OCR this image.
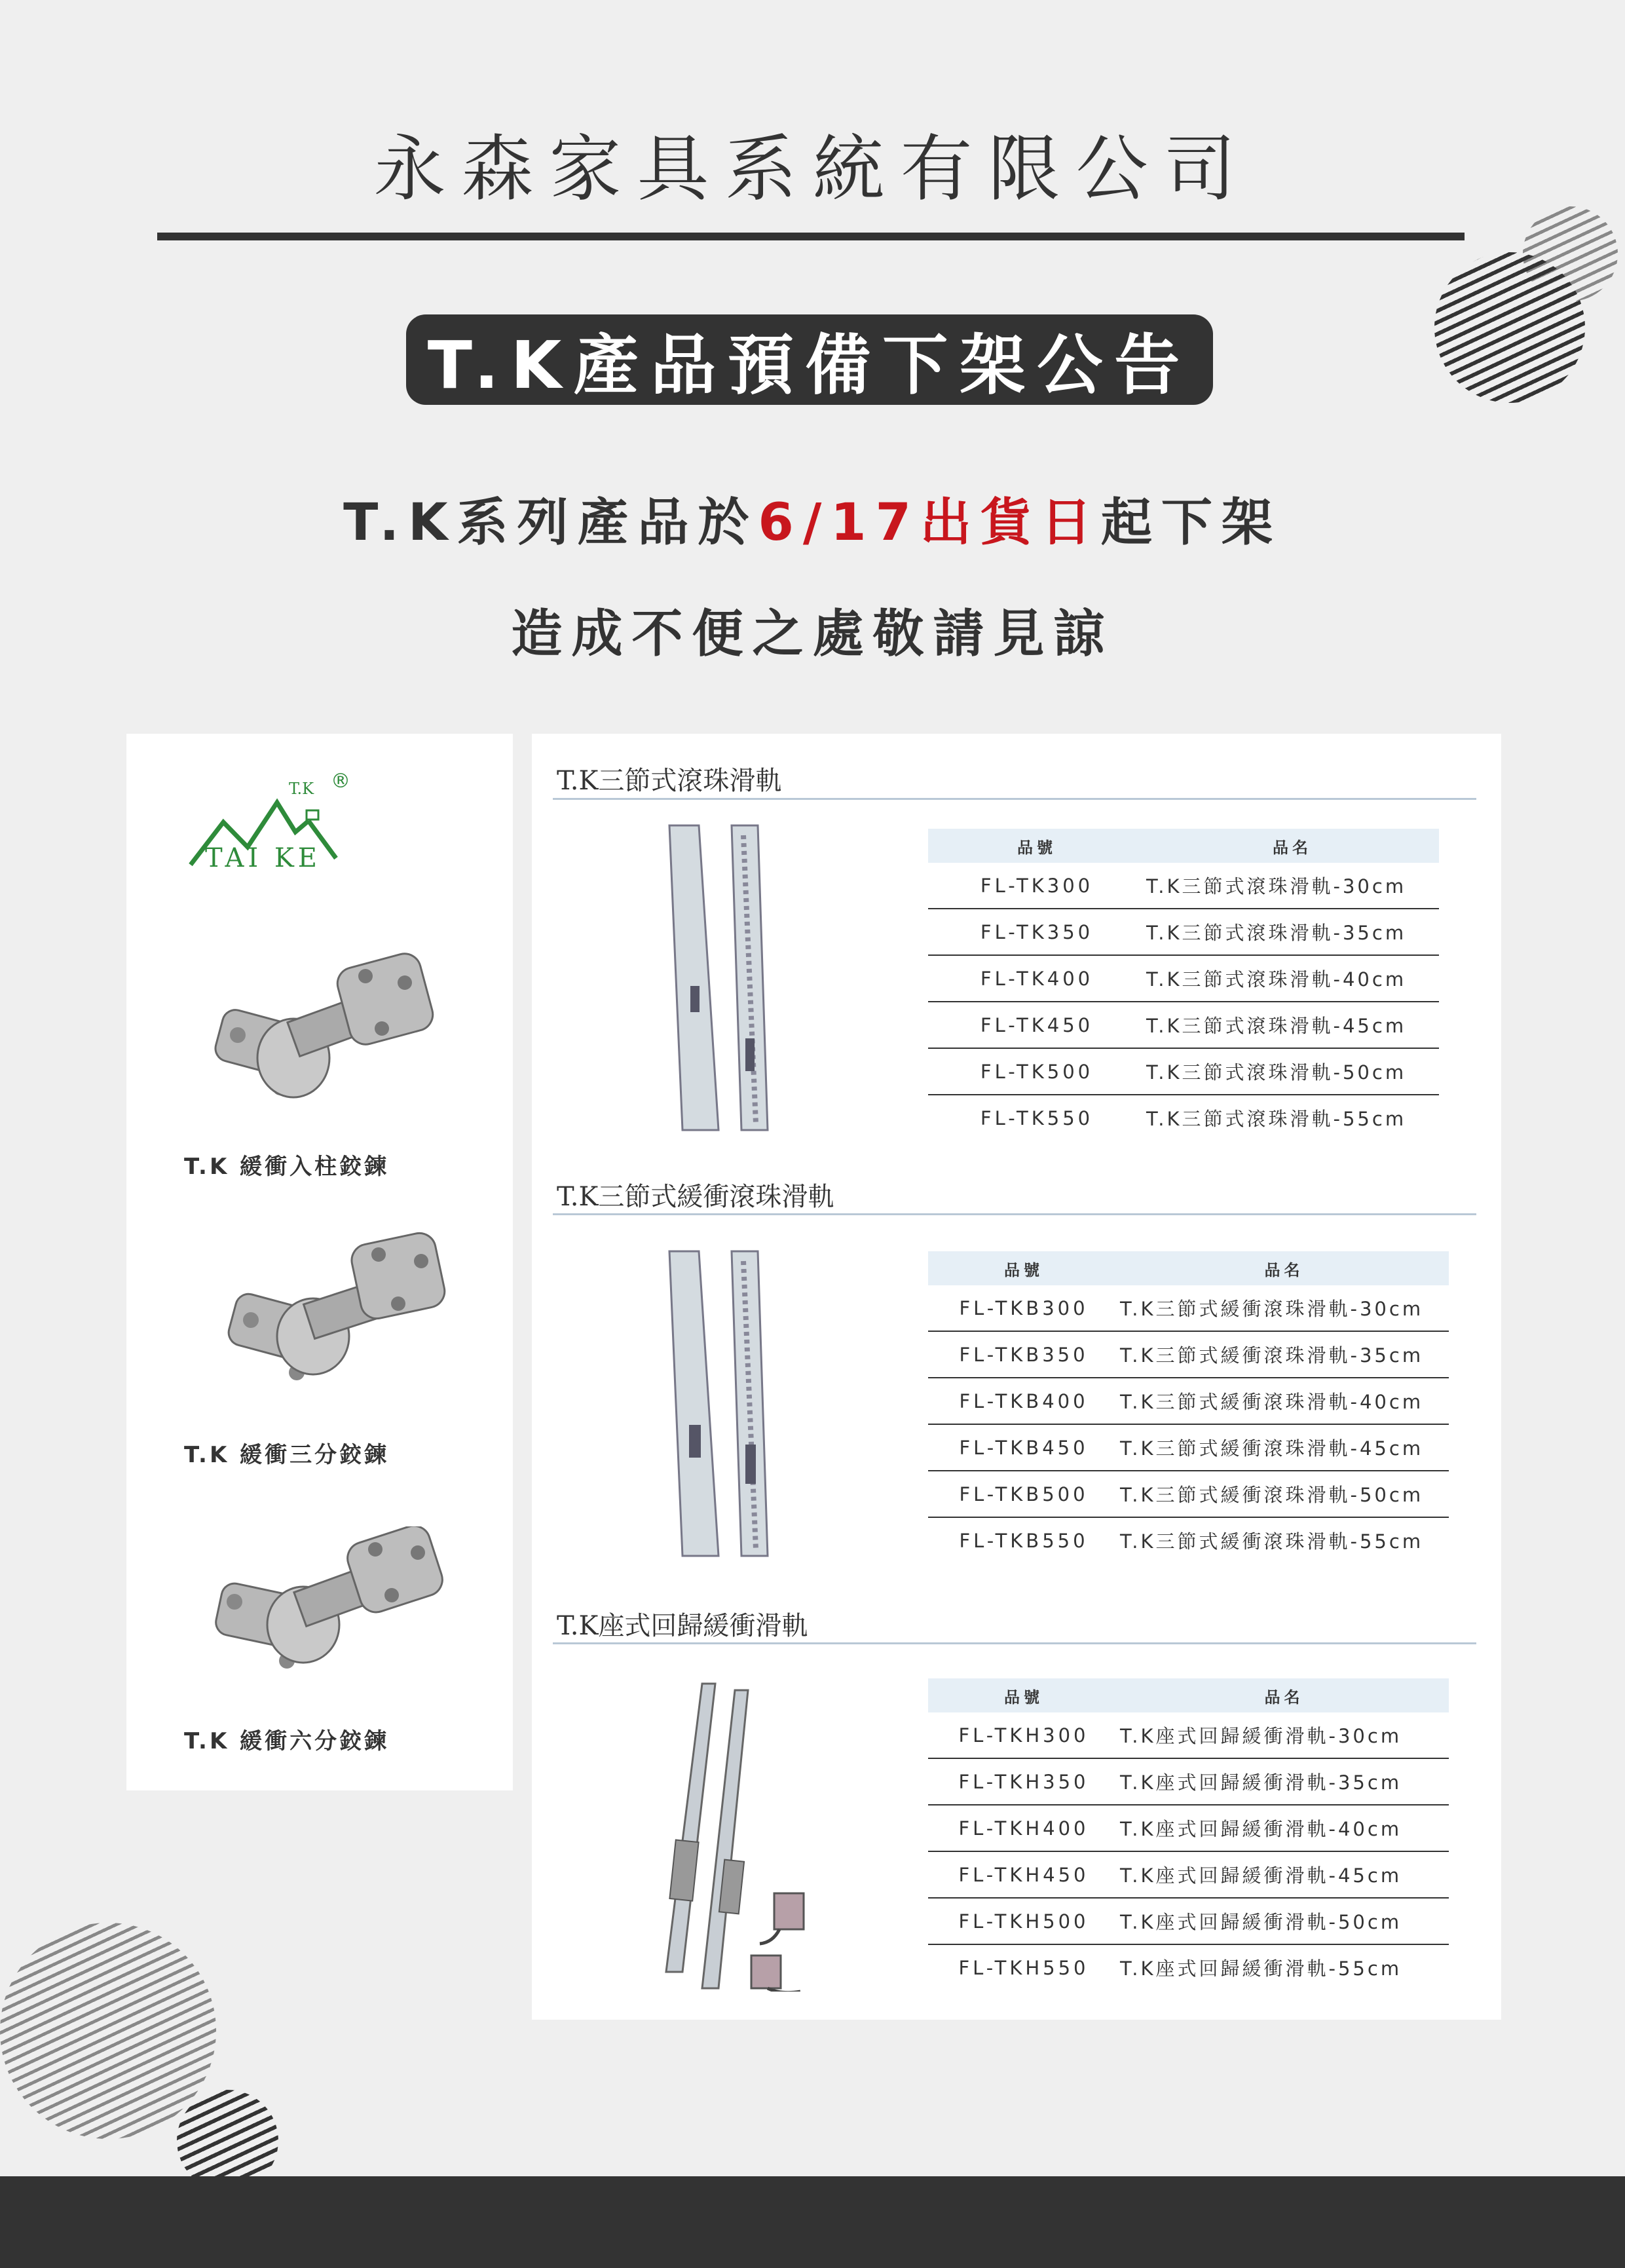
永森家具系統有限公司
T.K產品預備下架公告
T.K系列產品於6/17出貨日起下架
造成不便之處敬請見諒
T.K ®
TAI KE
T.K 緩衝入柱鉸鍊
T.K 緩衝三分鉸鍊
T.K 緩衝六分鉸鍊
T.K三節式滾珠滑軌
品號	品名
FL-TK300	T.K三節式滾珠滑軌-30cm
FL-TK350	T.K三節式滾珠滑軌-35cm
FL-TK400	T.K三節式滾珠滑軌-40cm
FL-TK450	T.K三節式滾珠滑軌-45cm
FL-TK500	T.K三節式滾珠滑軌-50cm
FL-TK550	T.K三節式滾珠滑軌-55cm
T.K三節式緩衝滾珠滑軌
品號	品名
FL-TKB300	T.K三節式緩衝滾珠滑軌-30cm
FL-TKB350	T.K三節式緩衝滾珠滑軌-35cm
FL-TKB400	T.K三節式緩衝滾珠滑軌-40cm
FL-TKB450	T.K三節式緩衝滾珠滑軌-45cm
FL-TKB500	T.K三節式緩衝滾珠滑軌-50cm
FL-TKB550	T.K三節式緩衝滾珠滑軌-55cm
T.K座式回歸緩衝滑軌
品號	品名
FL-TKH300	T.K座式回歸緩衝滑軌-30cm
FL-TKH350	T.K座式回歸緩衝滑軌-35cm
FL-TKH400	T.K座式回歸緩衝滑軌-40cm
FL-TKH450	T.K座式回歸緩衝滑軌-45cm
FL-TKH500	T.K座式回歸緩衝滑軌-50cm
FL-TKH550	T.K座式回歸緩衝滑軌-55cm
